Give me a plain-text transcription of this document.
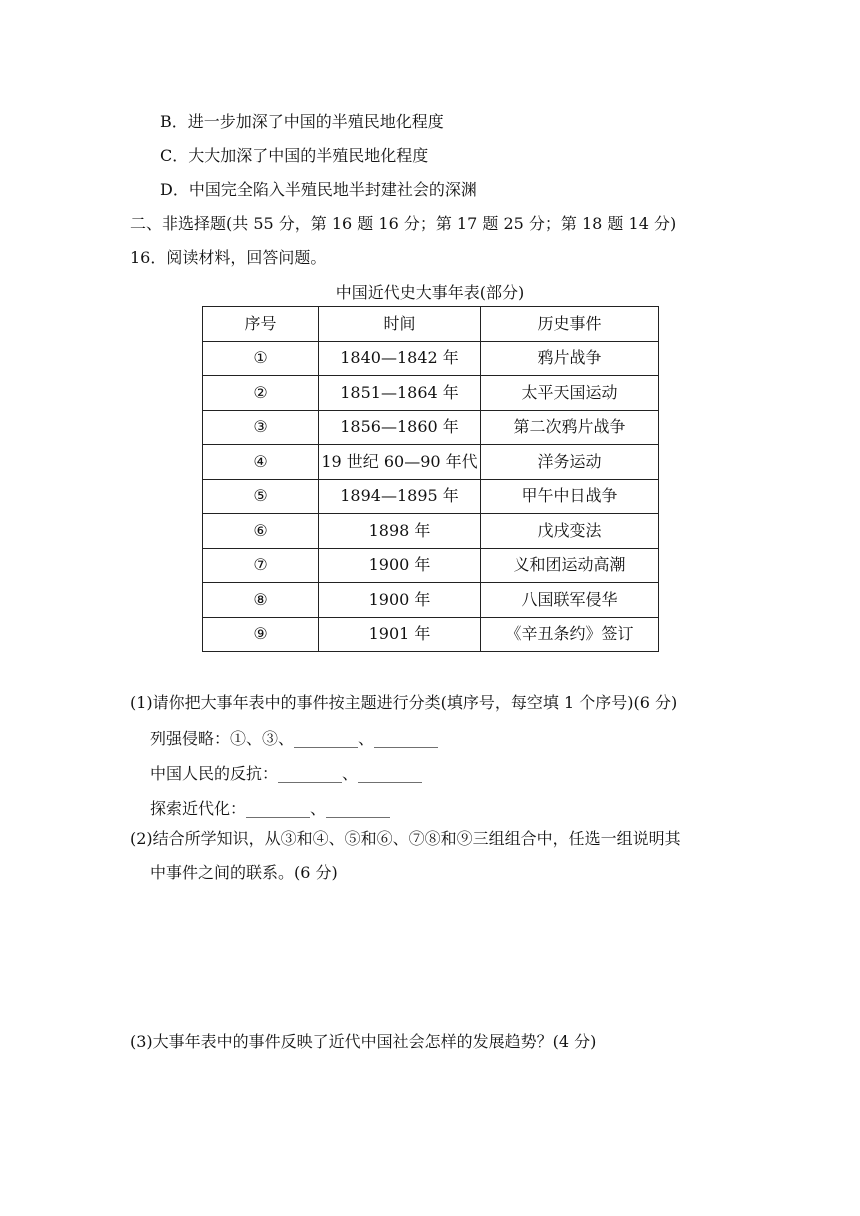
B．进一步加深了中国的半殖民地化程度
C．大大加深了中国的半殖民地化程度
D．中国完全陷入半殖民地半封建社会的深渊
二、非选择题(共 55 分，第 16 题 16 分；第 17 题 25 分；第 18 题 14 分)
16．阅读材料，回答问题。
中国近代史大事年表(部分)
序号	时间	历史事件
①	1840—1842 年	鸦片战争
②	1851—1864 年	太平天国运动
③	1856—1860 年	第二次鸦片战争
④	19 世纪 60—90 年代	洋务运动
⑤	1894—1895 年	甲午中日战争
⑥	1898 年	戊戌变法
⑦	1900 年	义和团运动高潮
⑧	1900 年	八国联军侵华
⑨	1901 年	《辛丑条约》签订
(1)请你把大事年表中的事件按主题进行分类(填序号，每空填 1 个序号)(6 分)
列强侵略：①、③、________、________
中国人民的反抗：________、________
探索近代化：________、________
(2)结合所学知识，从③和④、⑤和⑥、⑦⑧和⑨三组组合中，任选一组说明其
中事件之间的联系。(6 分)
(3)大事年表中的事件反映了近代中国社会怎样的发展趋势？(4 分)
